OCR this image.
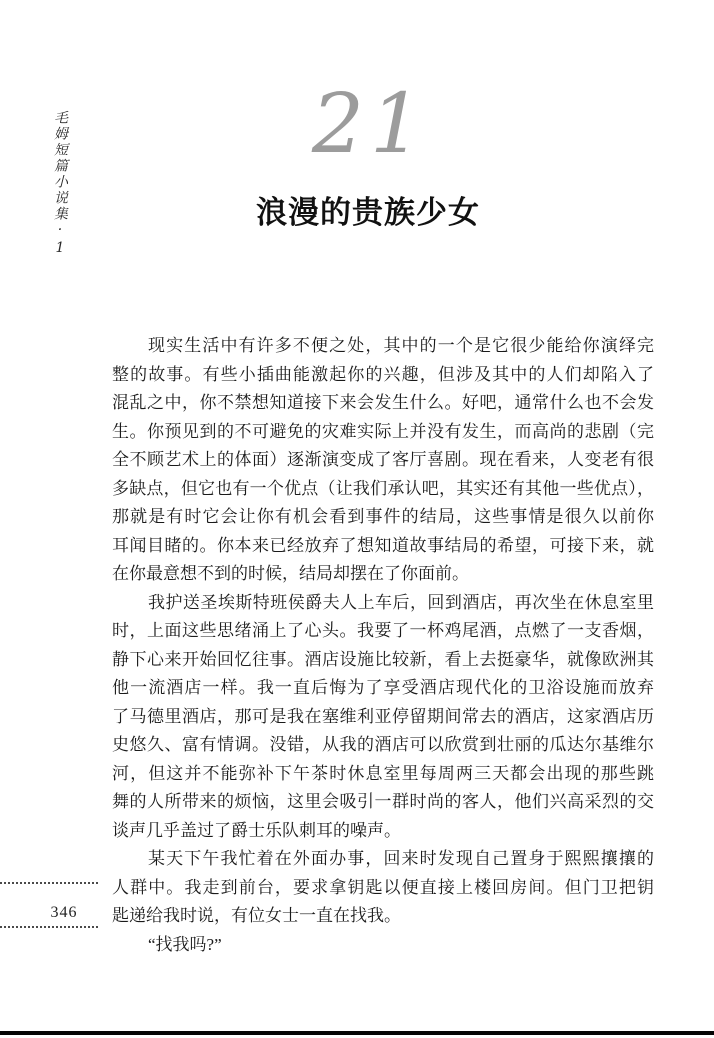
毛姆短篇小说集·1	21
浪漫的贵族少女
现实生活中有许多不便之处，其中的一个是它很少能给你演绎完
整的故事。有些小插曲能激起你的兴趣，但涉及其中的人们却陷入了
混乱之中，你不禁想知道接下来会发生什么。好吧，通常什么也不会发
生。你预见到的不可避免的灾难实际上并没有发生，而高尚的悲剧（完
全不顾艺术上的体面）逐渐演变成了客厅喜剧。现在看来，人变老有很
多缺点，但它也有一个优点（让我们承认吧，其实还有其他一些优点），
那就是有时它会让你有机会看到事件的结局，这些事情是很久以前你
耳闻目睹的。你本来已经放弃了想知道故事结局的希望，可接下来，就
在你最意想不到的时候，结局却摆在了你面前。
我护送圣埃斯特班侯爵夫人上车后，回到酒店，再次坐在休息室里
时，上面这些思绪涌上了心头。我要了一杯鸡尾酒，点燃了一支香烟，
静下心来开始回忆往事。酒店设施比较新，看上去挺豪华，就像欧洲其
他一流酒店一样。我一直后悔为了享受酒店现代化的卫浴设施而放弃
了马德里酒店，那可是我在塞维利亚停留期间常去的酒店，这家酒店历
史悠久、富有情调。没错，从我的酒店可以欣赏到壮丽的瓜达尔基维尔
河，但这并不能弥补下午茶时休息室里每周两三天都会出现的那些跳
舞的人所带来的烦恼，这里会吸引一群时尚的客人，他们兴高采烈的交
谈声几乎盖过了爵士乐队刺耳的噪声。
某天下午我忙着在外面办事，回来时发现自己置身于熙熙攘攘的
人群中。我走到前台，要求拿钥匙以便直接上楼回房间。但门卫把钥
匙递给我时说，有位女士一直在找我。
“找我吗?”
346
